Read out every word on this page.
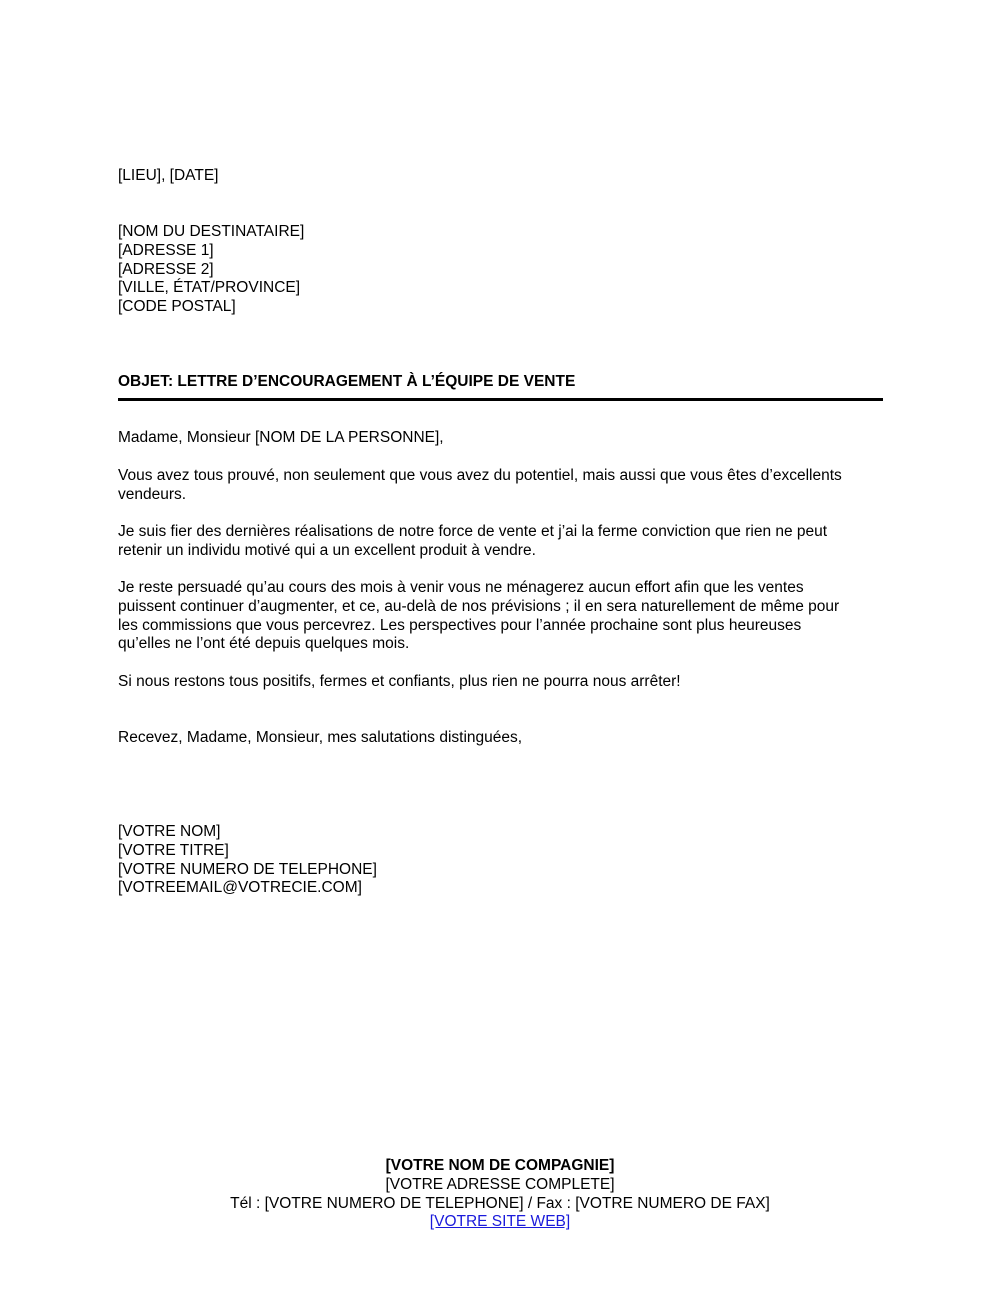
[LIEU], [DATE]
[NOM DU DESTINATAIRE]
[ADRESSE 1]
[ADRESSE 2]
[VILLE, ÉTAT/PROVINCE]
[CODE POSTAL]
OBJET: LETTRE D’ENCOURAGEMENT À L’ÉQUIPE DE VENTE
Madame, Monsieur [NOM DE LA PERSONNE],
Vous avez tous prouvé, non seulement que vous avez du potentiel, mais aussi que vous êtes d’excellents
vendeurs.
Je suis fier des dernières réalisations de notre force de vente et j’ai la ferme conviction que rien ne peut
retenir un individu motivé qui a un excellent produit à vendre.
Je reste persuadé qu’au cours des mois à venir vous ne ménagerez aucun effort afin que les ventes
puissent continuer d’augmenter, et ce, au-delà de nos prévisions ; il en sera naturellement de même pour
les commissions que vous percevrez. Les perspectives pour l’année prochaine sont plus heureuses
qu’elles ne l’ont été depuis quelques mois.
Si nous restons tous positifs, fermes et confiants, plus rien ne pourra nous arrêter!
Recevez, Madame, Monsieur, mes salutations distinguées,
[VOTRE NOM]
[VOTRE TITRE]
[VOTRE NUMERO DE TELEPHONE]
[VOTREEMAIL@VOTRECIE.COM]
[VOTRE NOM DE COMPAGNIE]
[VOTRE ADRESSE COMPLETE]
Tél : [VOTRE NUMERO DE TELEPHONE] / Fax : [VOTRE NUMERO DE FAX]
[VOTRE SITE WEB]
